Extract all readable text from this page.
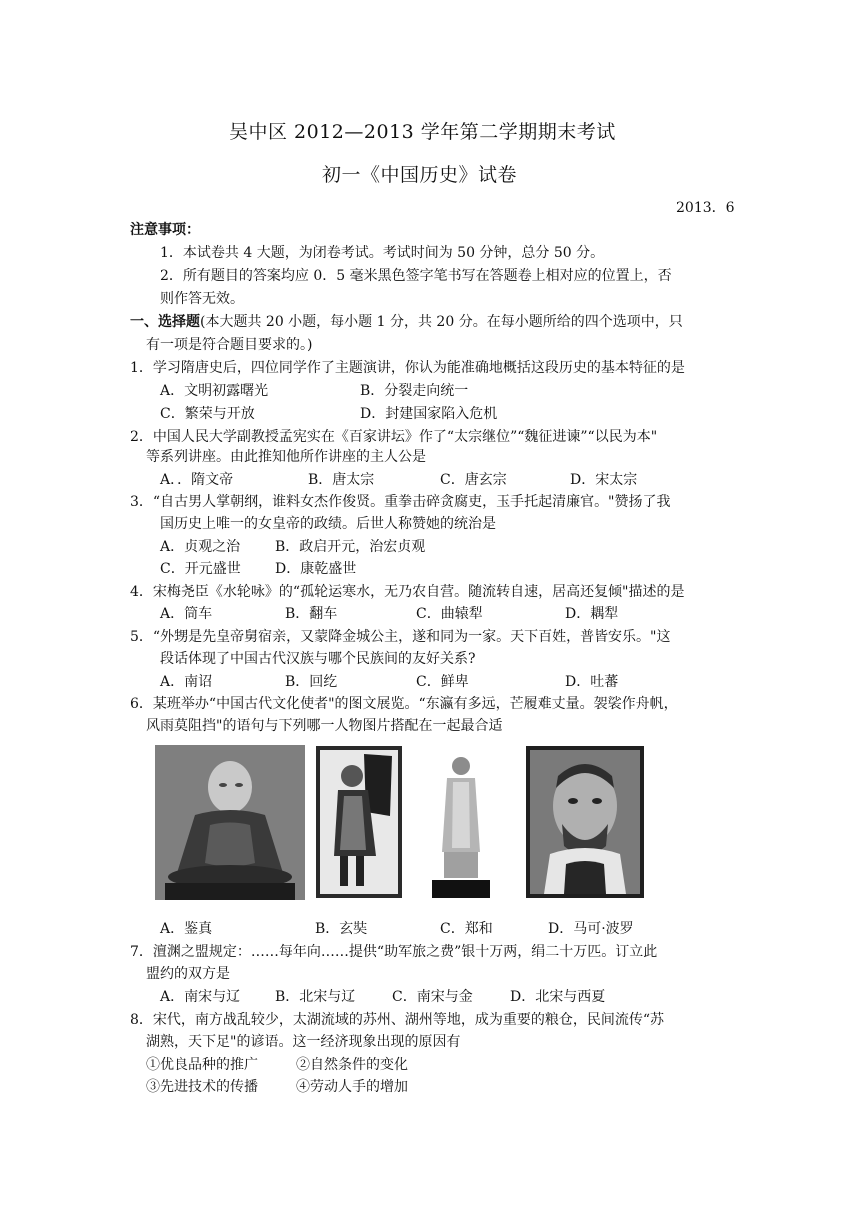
吴中区 2012—2013 学年第二学期期末考试
初一《中国历史》试卷
2013．6
注意事项：
1．本试卷共 4 大题，为闭卷考试。考试时间为 50 分钟，总分 50 分。
2．所有题目的答案均应 0．5 毫米黑色签字笔书写在答题卷上相对应的位置上，否
则作答无效。
一、选择题(本大题共 20 小题，每小题 1 分，共 20 分。在每小题所给的四个选项中，只
有一项是符合题目要求的。)
1．学习隋唐史后，四位同学作了主题演讲，你认为能准确地概括这段历史的基本特征的是
A．文明初露曙光	B．分裂走向统一
C．繁荣与开放	D．封建国家陷入危机
2．中国人民大学副教授孟宪实在《百家讲坛》作了“太宗继位”“魏征进谏”“以民为本"
等系列讲座。由此推知他所作讲座的主人公是
A．．隋文帝	B．唐太宗	C．唐玄宗	D．宋太宗
3．“自古男人掌朝纲，谁料女杰作俊贤。重拳击碎贪腐吏，玉手托起清廉官。"赞扬了我
国历史上唯一的女皇帝的政绩。后世人称赞她的统治是
A．贞观之治 B．政启开元，治宏贞观
C．开元盛世 D．康乾盛世
4．宋梅尧臣《水轮咏》的“孤轮运寒水，无乃农自营。随流转自速，居高还复倾"描述的是
A．筒车	B．翻车	C．曲辕犁	D．耦犁
5．“外甥是先皇帝舅宿亲，又蒙降金城公主，遂和同为一家。天下百姓，普皆安乐。"这
段话体现了中国古代汉族与哪个民族间的友好关系?
A．南诏	B．回纥	C．鲜卑	D．吐蕃
6．某班举办“中国古代文化使者"的图文展览。“东瀛有多远，芒履难丈量。袈裟作舟帆，
风雨莫阻挡"的语句与下列哪一人物图片搭配在一起最合适
A．鉴真	B．玄奘	C．郑和	D．马可·波罗
7．澶渊之盟规定：……每年向……提供“助军旅之费”银十万两，绢二十万匹。订立此
盟约的双方是
A．南宋与辽 B．北宋与辽	C．南宋与金	D．北宋与西夏
8．宋代，南方战乱较少，太湖流域的苏州、湖州等地，成为重要的粮仓，民间流传“苏
湖熟，天下足"的谚语。这一经济现象出现的原因有
①优良品种的推广	②自然条件的变化
③先进技术的传播	④劳动人手的增加
